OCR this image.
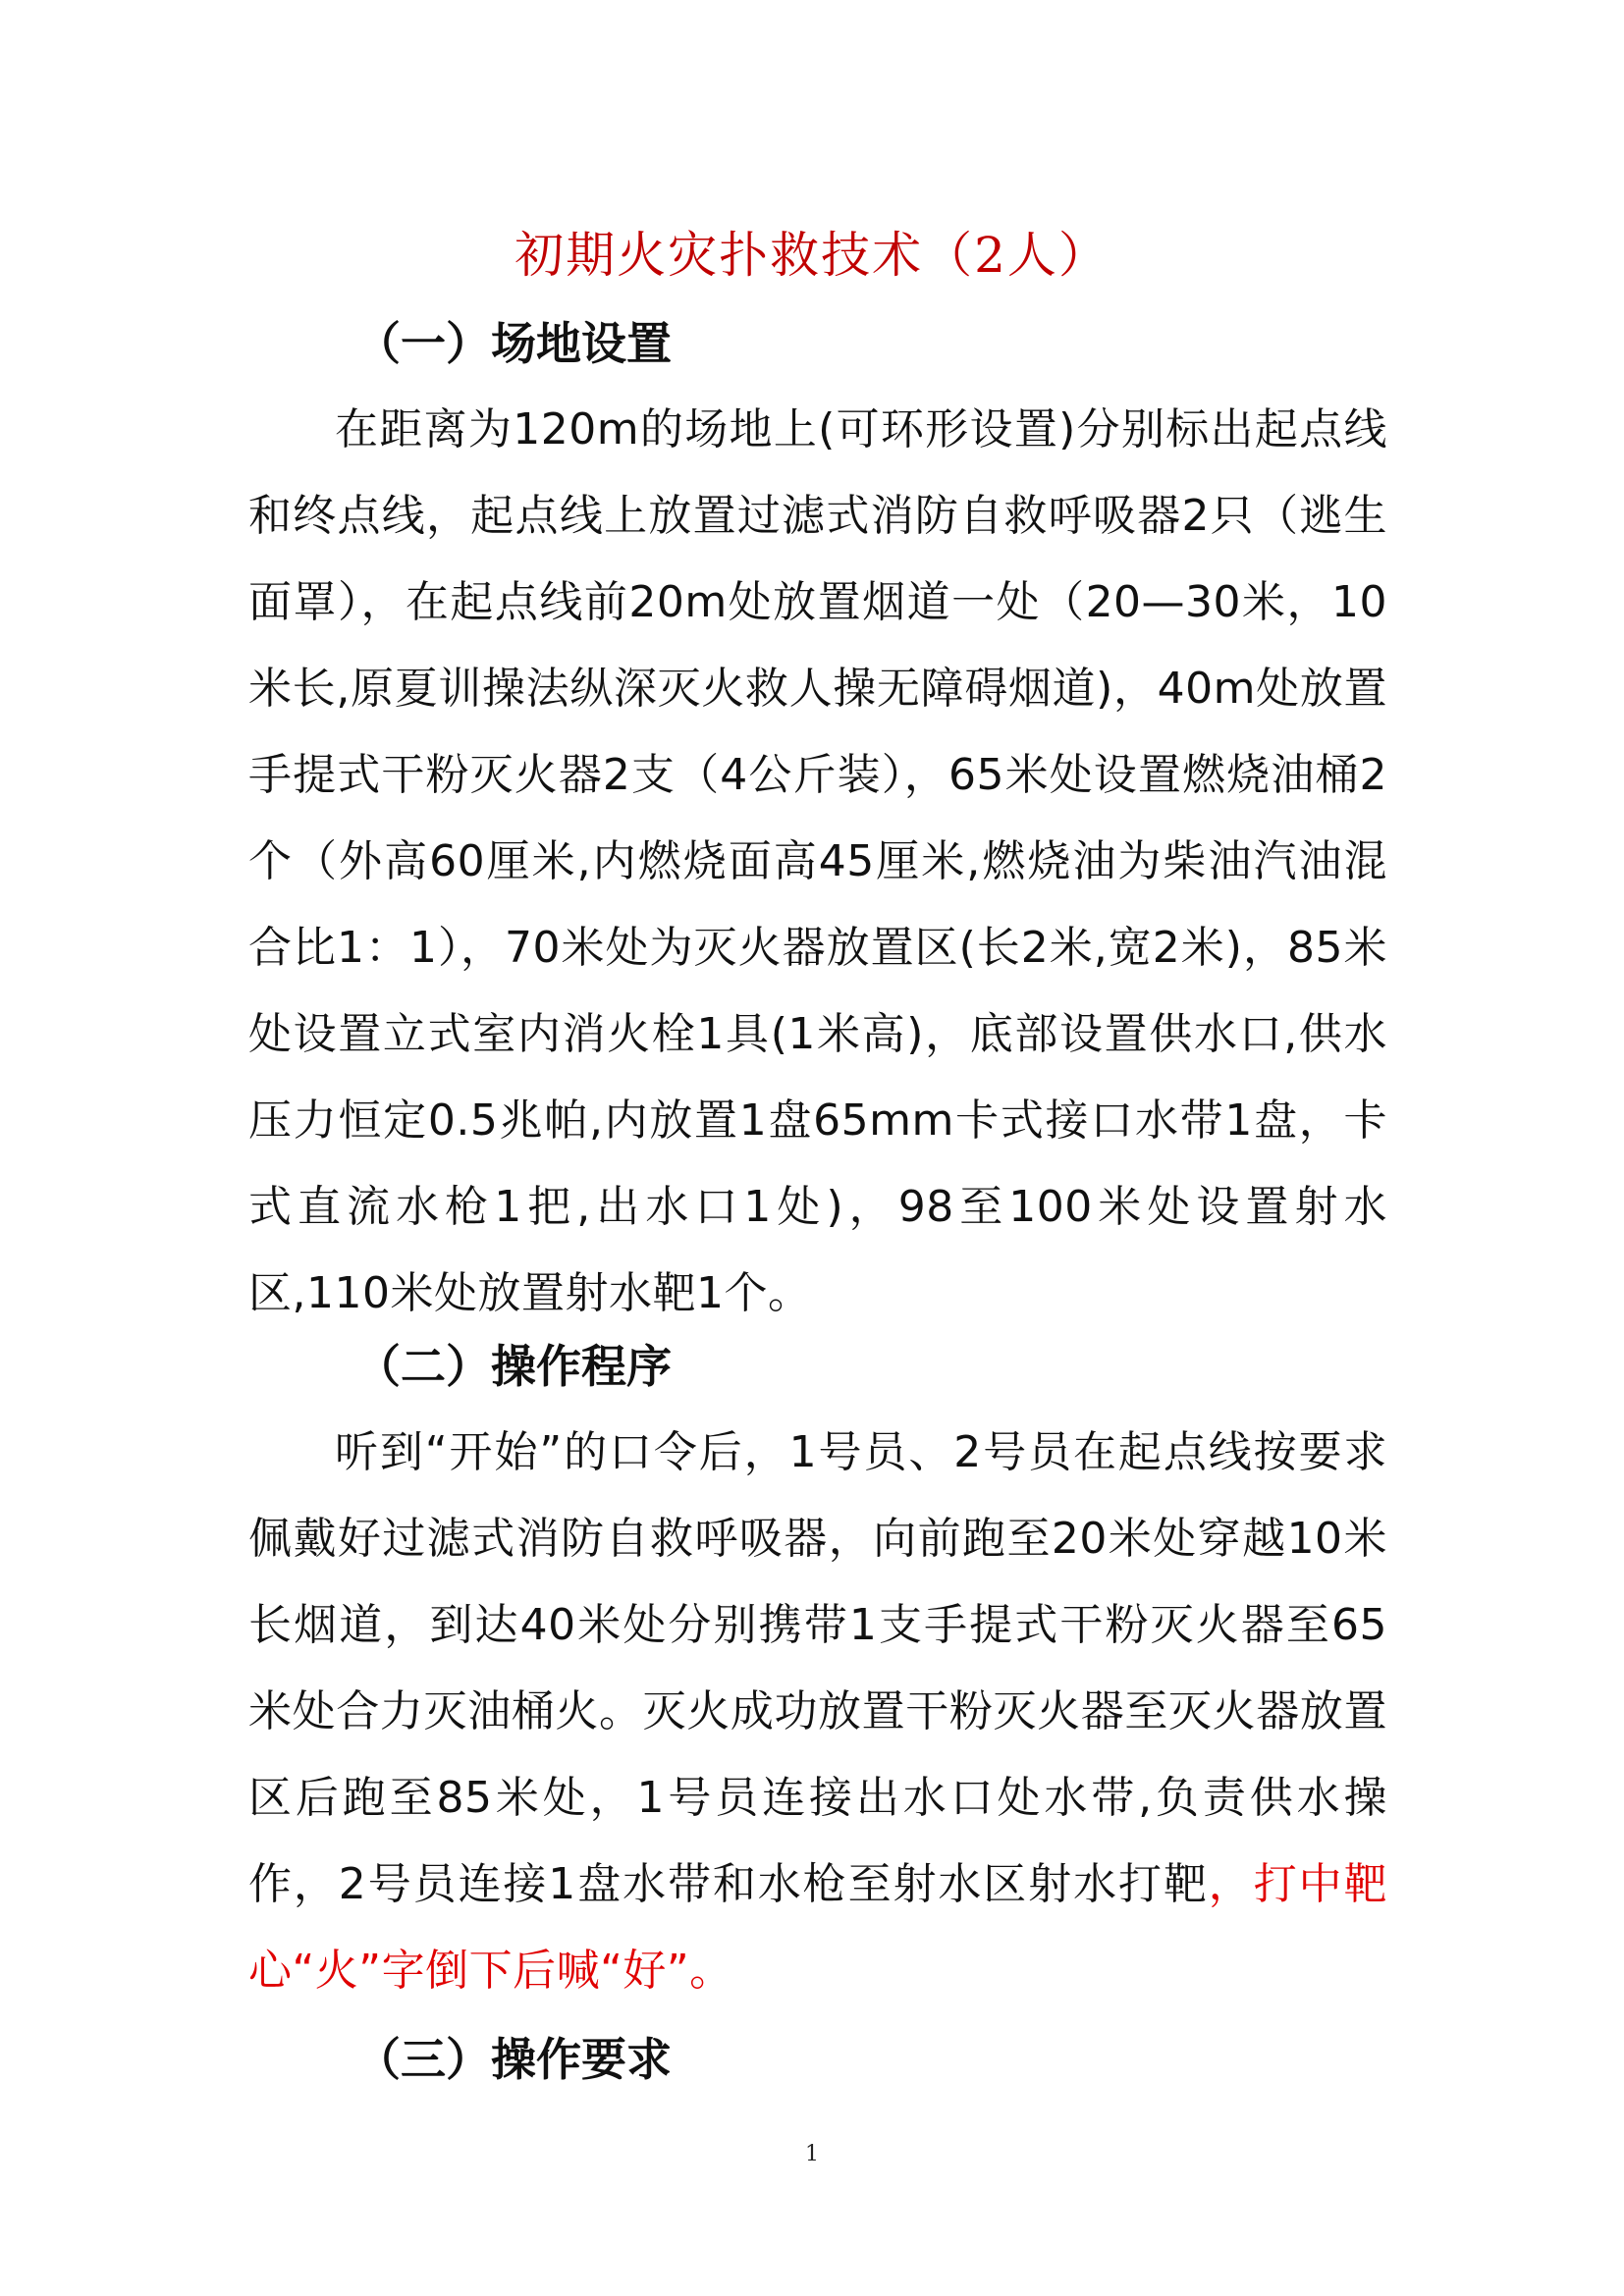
初期火灾扑救技术（2人）
（一）场地设置

在距离为120m的场地上(可环形设置)分别标出起点线和终点线，起点线上放置过滤式消防自救呼吸器2只（逃生面罩），在起点线前20m处放置烟道一处（20—30米，10米长,原夏训操法纵深灭火救人操无障碍烟道)，40m处放置手提式干粉灭火器2支（4公斤装），65米处设置燃烧油桶2个（外高60厘米,内燃烧面高45厘米,燃烧油为柴油汽油混合比1：1），70米处为灭火器放置区(长2米,宽2米)，85米处设置立式室内消火栓1具(1米高)，底部设置供水口,供水压力恒定0.5兆帕,内放置1盘65mm卡式接口水带1盘，卡式直流水枪1把,出水口1处)，98至100米处设置射水区,110米处放置射水靶1个。

（二）操作程序

听到“开始”的口令后，1号员、2号员在起点线按要求佩戴好过滤式消防自救呼吸器，向前跑至20米处穿越10米长烟道，到达40米处分别携带1支手提式干粉灭火器至65米处合力灭油桶火。灭火成功放置干粉灭火器至灭火器放置区后跑至85米处，1号员连接出水口处水带,负责供水操作，2号员连接1盘水带和水枪至射水区射水打靶，打中靶心“火”字倒下后喊“好”。

（三）操作要求
1
